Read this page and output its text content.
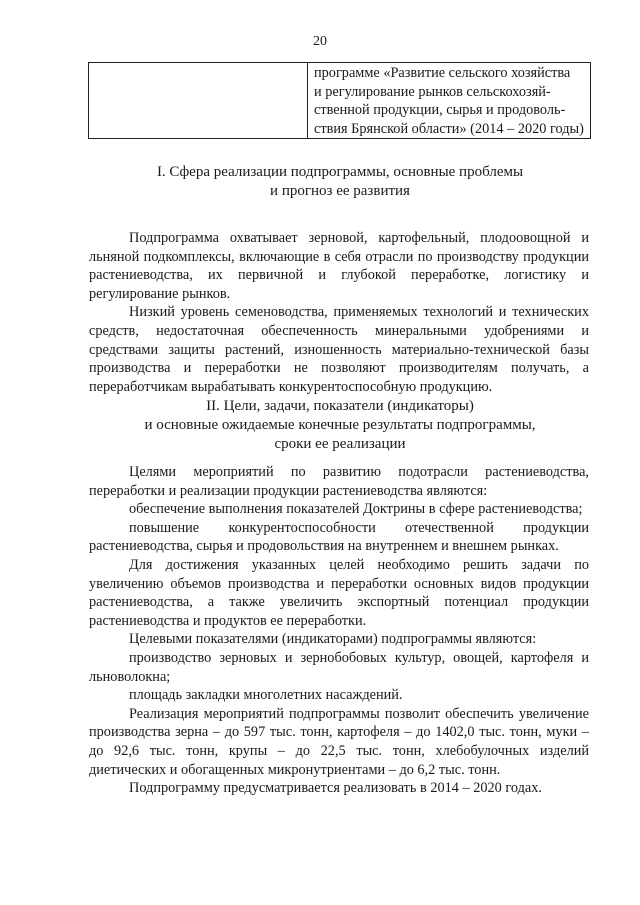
20
программе «Развитие сельского хозяйства
и регулирование рынков сельскохозяй-
ственной продукции, сырья и продоволь-
ствия Брянской области» (2014 – 2020 годы)
I. Сфера реализации подпрограммы, основные проблемы
и прогноз ее развития

Подпрограмма охватывает зерновой, картофельный, плодоовощной и льняной подкомплексы, включающие в себя отрасли по производству продукции растениеводства, их первичной и глубокой переработке, логистику и регулирование рынков.

Низкий уровень семеноводства, применяемых технологий и технических средств, недостаточная обеспеченность минеральными удобрениями и средствами защиты растений, изношенность материально-технической базы производства и переработки не позволяют производителям получать, а переработчикам вырабатывать конкурентоспособную продукцию.

II. Цели, задачи, показатели (индикаторы)
и основные ожидаемые конечные результаты подпрограммы,
сроки ее реализации

Целями мероприятий по развитию подотрасли растениеводства, переработки и реализации продукции растениеводства являются:

обеспечение выполнения показателей Доктрины в сфере растениеводства;

повышение конкурентоспособности отечественной продукции растениеводства, сырья и продовольствия на внутреннем и внешнем рынках.

Для достижения указанных целей необходимо решить задачи по увеличению объемов производства и переработки основных видов продукции растениеводства, а также увеличить экспортный потенциал продукции растениеводства и продуктов ее переработки.

Целевыми показателями (индикаторами) подпрограммы являются:

производство зерновых и зернобобовых культур, овощей, картофеля и льноволокна;

площадь закладки многолетних насаждений.

Реализация мероприятий подпрограммы позволит обеспечить увеличение производства зерна – до 597 тыс. тонн, картофеля – до 1402,0 тыс. тонн, муки – до 92,6 тыс. тонн, крупы – до 22,5 тыс. тонн, хлебобулочных изделий диетических и обогащенных микронутриентами – до 6,2 тыс. тонн.

Подпрограмму предусматривается реализовать в 2014 – 2020 годах.
